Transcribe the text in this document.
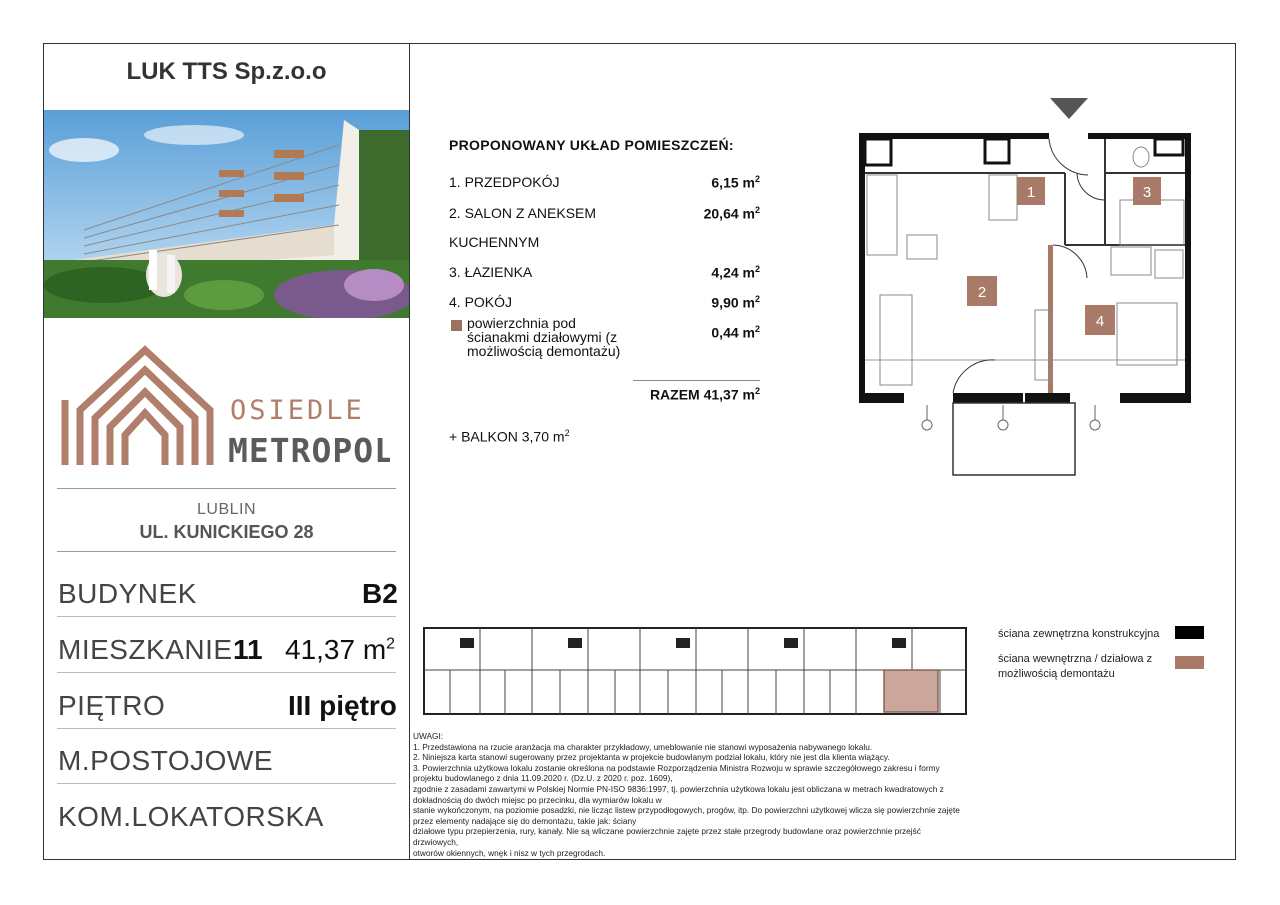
LUK TTS Sp.z.o.o
OSIEDLE
METROPOL
LUBLIN
UL. KUNICKIEGO 28
BUDYNEK	B2
MIESZKANIE 11 41,37 $m^2$
PIĘTRO	III piętro
M.POSTOJOWE
KOM.LOKATORSKA
PROPONOWANY UKŁAD POMIESZCZEŃ:
1. PRZEDPOKÓJ	6,15 $m^2$
2. SALON Z ANEKSEM	20,64 $m^2$
KUCHENNYM
3. ŁAZIENKA	4,24 $m^2$
4. POKÓJ	9,90 $m^2$
powierzchnia pod ścianakmi działowymi (z możliwością demontażu)
0,44 $m^2$
RAZEM 41,37 $m^2$
+ BALKON 3,70 $m^2$
1
2
3
4
ściana zewnętrzna konstrukcyjna
ściana wewnętrzna / działowa z
możliwością demontażu
UWAGI:
1. Przedstawiona na rzucie aranżacja ma charakter przykładowy, umeblowanie nie stanowi wyposażenia nabywanego lokalu.
2. Niniejsza karta stanowi sugerowany przez projektanta w projekcie budowlanym podział lokalu, który nie jest dla klienta wiążący.
3. Powierzchnia użytkowa lokalu zostanie określona na podstawie Rozporządzenia Ministra Rozwoju w sprawie szczegółowego zakresu i formy
projektu budowlanego z dnia 11.09.2020 r. (Dz.U. z 2020 r. poz. 1609),
zgodnie z zasadami zawartymi w Polskiej Normie PN-ISO 9836:1997, tj. powierzchnia użytkowa lokalu jest obliczana w metrach kwadratowych z
dokładnością do dwóch miejsc po przecinku, dla wymiarów lokalu w
stanie wykończonym, na poziomie posadzki, nie licząc listew przypodłogowych, progów, itp. Do powierzchni użytkowej wlicza się powierzchnie zajęte
przez elementy nadające się do demontażu, takie jak: ściany
działowe typu przepierzenia, rury, kanały. Nie są wliczane powierzchnie zajęte przez stałe przegrody budowlane oraz powierzchnie przejść drzwiowych,
otworów okiennych, wnęk i nisz w tych przegrodach.
